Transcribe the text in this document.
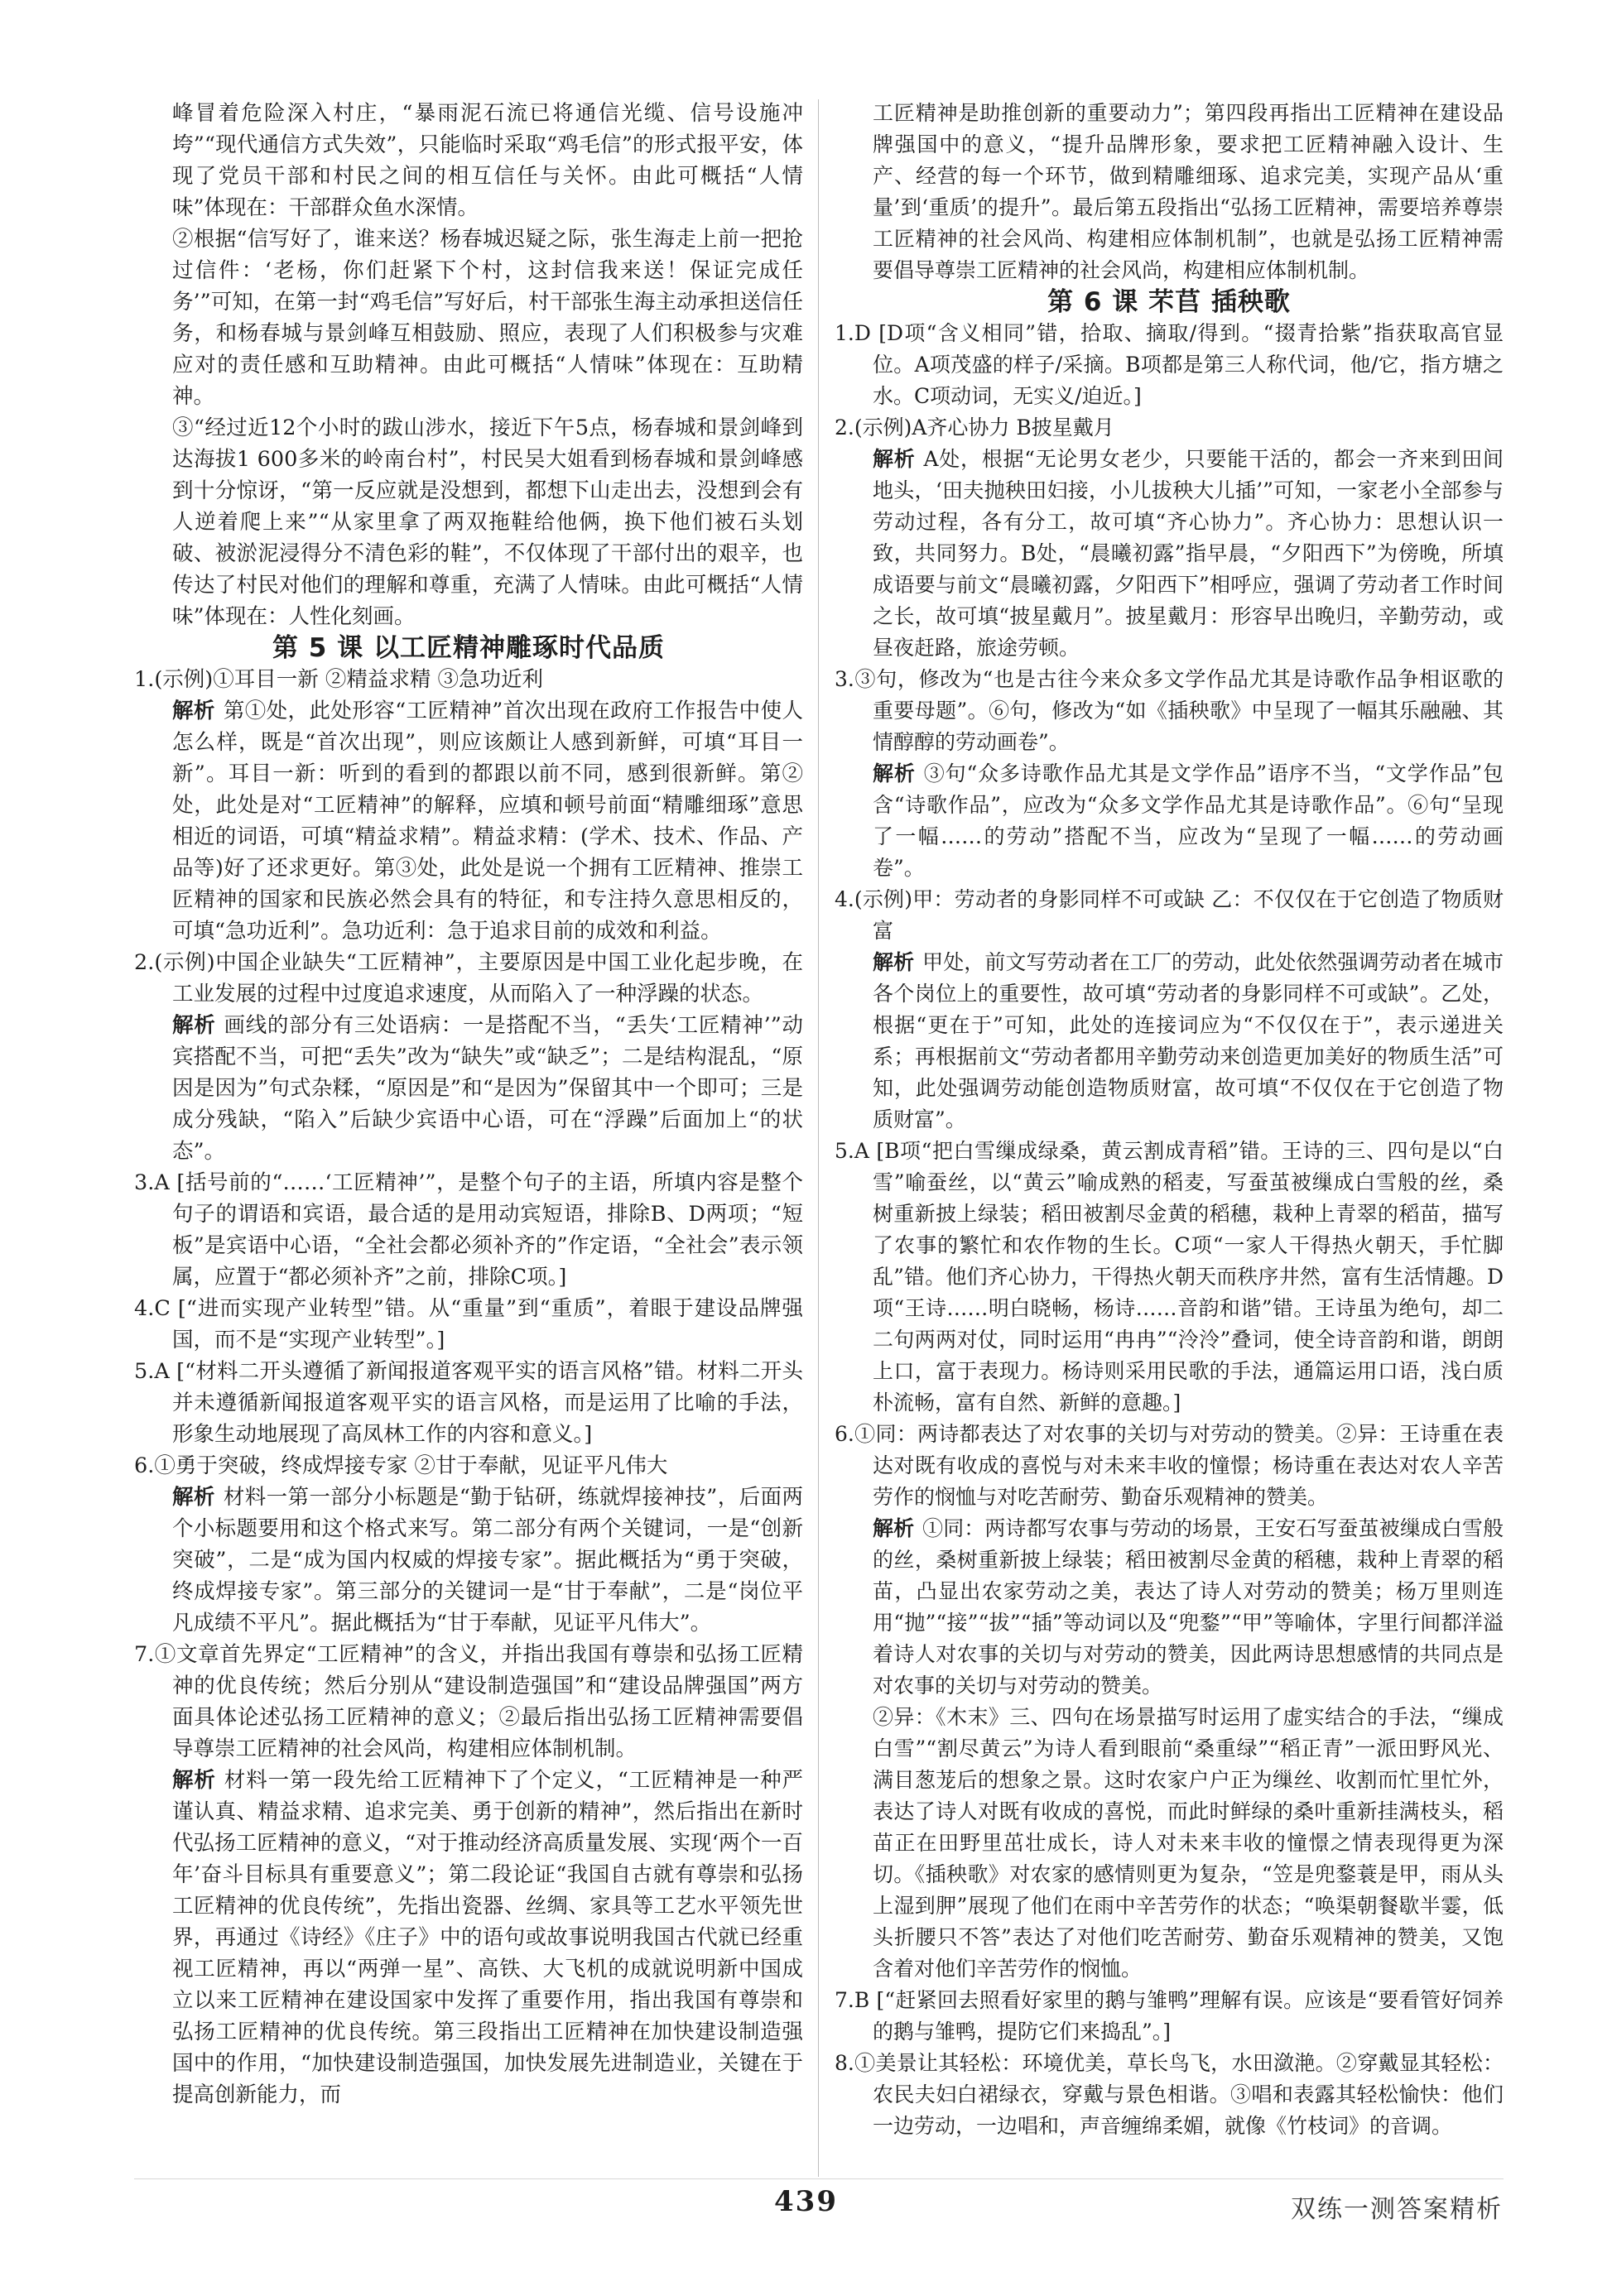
峰冒着危险深入村庄，“暴雨泥石流已将通信光缆、信号设施冲垮”“现代通信方式失效”，只能临时采取“鸡毛信”的形式报平安，体现了党员干部和村民之间的相互信任与关怀。由此可概括“人情味”体现在：干部群众鱼水深情。

②根据“信写好了，谁来送？杨春城迟疑之际，张生海走上前一把抢过信件：‘老杨，你们赶紧下个村，这封信我来送！保证完成任务’”可知，在第一封“鸡毛信”写好后，村干部张生海主动承担送信任务，和杨春城与景剑峰互相鼓励、照应，表现了人们积极参与灾难应对的责任感和互助精神。由此可概括“人情味”体现在：互助精神。

③“经过近12个小时的跋山涉水，接近下午5点，杨春城和景剑峰到达海拔1 600多米的岭南台村”，村民吴大姐看到杨春城和景剑峰感到十分惊讶，“第一反应就是没想到，都想下山走出去，没想到会有人逆着爬上来”“从家里拿了两双拖鞋给他俩，换下他们被石头划破、被淤泥浸得分不清色彩的鞋”，不仅体现了干部付出的艰辛，也传达了村民对他们的理解和尊重，充满了人情味。由此可概括“人情味”体现在：人性化刻画。

第 5 课 以工匠精神雕琢时代品质

1.(示例)①耳目一新 ②精益求精 ③急功近利

解析 第①处，此处形容“工匠精神”首次出现在政府工作报告中使人怎么样，既是“首次出现”，则应该颇让人感到新鲜，可填“耳目一新”。耳目一新：听到的看到的都跟以前不同，感到很新鲜。第②处，此处是对“工匠精神”的解释，应填和顿号前面“精雕细琢”意思相近的词语，可填“精益求精”。精益求精：(学术、技术、作品、产品等)好了还求更好。第③处，此处是说一个拥有工匠精神、推崇工匠精神的国家和民族必然会具有的特征，和专注持久意思相反的，可填“急功近利”。急功近利：急于追求目前的成效和利益。

2.(示例)中国企业缺失“工匠精神”，主要原因是中国工业化起步晚，在工业发展的过程中过度追求速度，从而陷入了一种浮躁的状态。

解析 画线的部分有三处语病：一是搭配不当，“丢失‘工匠精神’”动宾搭配不当，可把“丢失”改为“缺失”或“缺乏”；二是结构混乱，“原因是因为”句式杂糅，“原因是”和“是因为”保留其中一个即可；三是成分残缺，“陷入”后缺少宾语中心语，可在“浮躁”后面加上“的状态”。

3.A [括号前的“……‘工匠精神’”，是整个句子的主语，所填内容是整个句子的谓语和宾语，最合适的是用动宾短语，排除B、D两项；“短板”是宾语中心语，“全社会都必须补齐的”作定语，“全社会”表示领属，应置于“都必须补齐”之前，排除C项。]

4.C [“进而实现产业转型”错。从“重量”到“重质”，着眼于建设品牌强国，而不是“实现产业转型”。]

5.A [“材料二开头遵循了新闻报道客观平实的语言风格”错。材料二开头并未遵循新闻报道客观平实的语言风格，而是运用了比喻的手法，形象生动地展现了高凤林工作的内容和意义。]

6.①勇于突破，终成焊接专家 ②甘于奉献，见证平凡伟大

解析 材料一第一部分小标题是“勤于钻研，练就焊接神技”，后面两个小标题要用和这个格式来写。第二部分有两个关键词，一是“创新突破”，二是“成为国内权威的焊接专家”。据此概括为“勇于突破，终成焊接专家”。第三部分的关键词一是“甘于奉献”，二是“岗位平凡成绩不平凡”。据此概括为“甘于奉献，见证平凡伟大”。

7.①文章首先界定“工匠精神”的含义，并指出我国有尊崇和弘扬工匠精神的优良传统；然后分别从“建设制造强国”和“建设品牌强国”两方面具体论述弘扬工匠精神的意义；②最后指出弘扬工匠精神需要倡导尊崇工匠精神的社会风尚，构建相应体制机制。

解析 材料一第一段先给工匠精神下了个定义，“工匠精神是一种严谨认真、精益求精、追求完美、勇于创新的精神”，然后指出在新时代弘扬工匠精神的意义，“对于推动经济高质量发展、实现‘两个一百年’奋斗目标具有重要意义”；第二段论证“我国自古就有尊崇和弘扬工匠精神的优良传统”，先指出瓷器、丝绸、家具等工艺水平领先世界，再通过《诗经》《庄子》中的语句或故事说明我国古代就已经重视工匠精神，再以“两弹一星”、高铁、大飞机的成就说明新中国成立以来工匠精神在建设国家中发挥了重要作用，指出我国有尊崇和弘扬工匠精神的优良传统。第三段指出工匠精神在加快建设制造强国中的作用，“加快建设制造强国，加快发展先进制造业，关键在于提高创新能力，而

工匠精神是助推创新的重要动力”；第四段再指出工匠精神在建设品牌强国中的意义，“提升品牌形象，要求把工匠精神融入设计、生产、经营的每一个环节，做到精雕细琢、追求完美，实现产品从‘重量’到‘重质’的提升”。最后第五段指出“弘扬工匠精神，需要培养尊崇工匠精神的社会风尚、构建相应体制机制”，也就是弘扬工匠精神需要倡导尊崇工匠精神的社会风尚，构建相应体制机制。

第 6 课 芣苢 插秧歌

1.D [D项“含义相同”错，拾取、摘取/得到。“掇青拾紫”指获取高官显位。A项茂盛的样子/采摘。B项都是第三人称代词，他/它，指方塘之水。C项动词，无实义/迫近。]

2.(示例)A齐心协力 B披星戴月

解析 A处，根据“无论男女老少，只要能干活的，都会一齐来到田间地头，‘田夫抛秧田妇接，小儿拔秧大儿插’”可知，一家老小全部参与劳动过程，各有分工，故可填“齐心协力”。齐心协力：思想认识一致，共同努力。B处，“晨曦初露”指早晨，“夕阳西下”为傍晚，所填成语要与前文“晨曦初露，夕阳西下”相呼应，强调了劳动者工作时间之长，故可填“披星戴月”。披星戴月：形容早出晚归，辛勤劳动，或昼夜赶路，旅途劳顿。

3.③句，修改为“也是古往今来众多文学作品尤其是诗歌作品争相讴歌的重要母题”。⑥句，修改为“如《插秧歌》中呈现了一幅其乐融融、其情醇醇的劳动画卷”。

解析 ③句“众多诗歌作品尤其是文学作品”语序不当，“文学作品”包含“诗歌作品”，应改为“众多文学作品尤其是诗歌作品”。⑥句“呈现了一幅……的劳动”搭配不当，应改为“呈现了一幅……的劳动画卷”。

4.(示例)甲：劳动者的身影同样不可或缺 乙：不仅仅在于它创造了物质财富

解析 甲处，前文写劳动者在工厂的劳动，此处依然强调劳动者在城市各个岗位上的重要性，故可填“劳动者的身影同样不可或缺”。乙处，根据“更在于”可知，此处的连接词应为“不仅仅在于”，表示递进关系；再根据前文“劳动者都用辛勤劳动来创造更加美好的物质生活”可知，此处强调劳动能创造物质财富，故可填“不仅仅在于它创造了物质财富”。

5.A [B项“把白雪缫成绿桑，黄云割成青稻”错。王诗的三、四句是以“白雪”喻蚕丝，以“黄云”喻成熟的稻麦，写蚕茧被缫成白雪般的丝，桑树重新披上绿装；稻田被割尽金黄的稻穗，栽种上青翠的稻苗，描写了农事的繁忙和农作物的生长。C项“一家人干得热火朝天，手忙脚乱”错。他们齐心协力，干得热火朝天而秩序井然，富有生活情趣。D项“王诗……明白晓畅，杨诗……音韵和谐”错。王诗虽为绝句，却二二句两两对仗，同时运用“冉冉”“泠泠”叠词，使全诗音韵和谐，朗朗上口，富于表现力。杨诗则采用民歌的手法，通篇运用口语，浅白质朴流畅，富有自然、新鲜的意趣。]

6.①同：两诗都表达了对农事的关切与对劳动的赞美。②异：王诗重在表达对既有收成的喜悦与对未来丰收的憧憬；杨诗重在表达对农人辛苦劳作的悯恤与对吃苦耐劳、勤奋乐观精神的赞美。

解析 ①同：两诗都写农事与劳动的场景，王安石写蚕茧被缫成白雪般的丝，桑树重新披上绿装；稻田被割尽金黄的稻穗，栽种上青翠的稻苗，凸显出农家劳动之美，表达了诗人对劳动的赞美；杨万里则连用“抛”“接”“拔”“插”等动词以及“兜鍪”“甲”等喻体，字里行间都洋溢着诗人对农事的关切与对劳动的赞美，因此两诗思想感情的共同点是对农事的关切与对劳动的赞美。

②异：《木末》三、四句在场景描写时运用了虚实结合的手法，“缫成白雪”“割尽黄云”为诗人看到眼前“桑重绿”“稻正青”一派田野风光、满目葱茏后的想象之景。这时农家户户正为缫丝、收割而忙里忙外，表达了诗人对既有收成的喜悦，而此时鲜绿的桑叶重新挂满枝头，稻苗正在田野里茁壮成长，诗人对未来丰收的憧憬之情表现得更为深切。《插秧歌》对农家的感情则更为复杂，“笠是兜鍪蓑是甲，雨从头上湿到胛”展现了他们在雨中辛苦劳作的状态；“唤渠朝餐歇半霎，低头折腰只不答”表达了对他们吃苦耐劳、勤奋乐观精神的赞美，又饱含着对他们辛苦劳作的悯恤。

7.B [“赶紧回去照看好家里的鹅与雏鸭”理解有误。应该是“要看管好饲养的鹅与雏鸭，提防它们来捣乱”。]

8.①美景让其轻松：环境优美，草长鸟飞，水田潋滟。②穿戴显其轻松：农民夫妇白裙绿衣，穿戴与景色相谐。③唱和表露其轻松愉快：他们一边劳动，一边唱和，声音缠绵柔媚，就像《竹枝词》的音调。

439	双练一测答案精析
